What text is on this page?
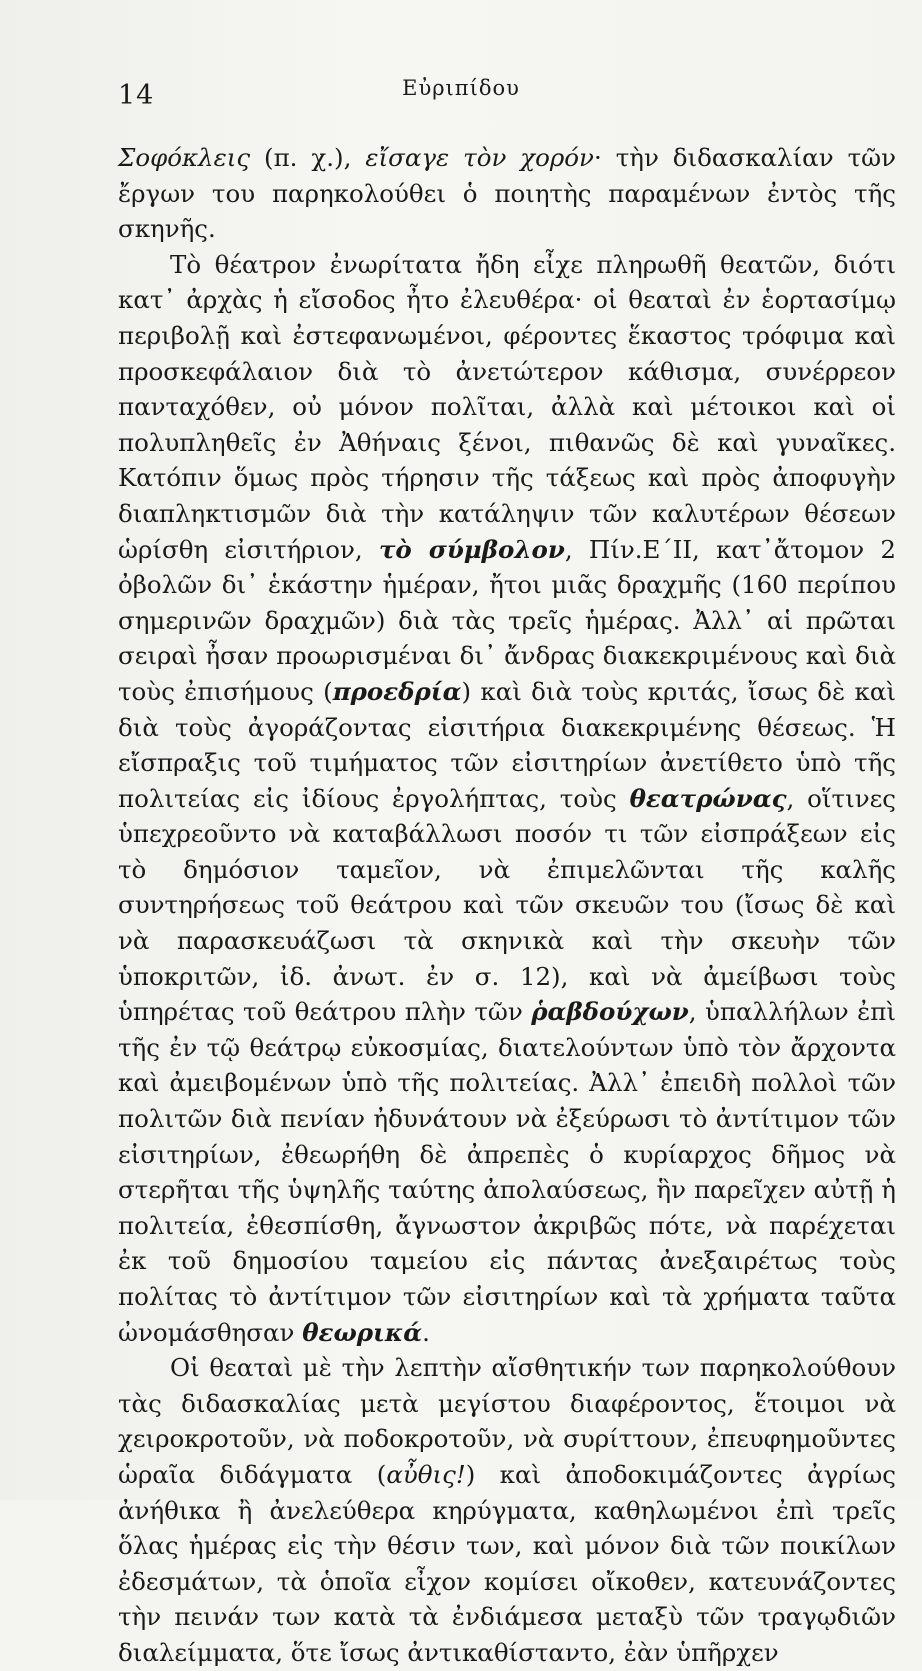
14	Εὐριπίδου

Σοφόκλεις (π. χ.), εἴσαγε τὸν χορόν· τὴν διδασκαλίαν τῶν ἔργων του παρηκολούθει ὁ ποιητὴς παραμένων ἐντὸς τῆς σκηνῆς.

Τὸ θέατρον ἐνωρίτατα ἤδη εἶχε πληρωθῆ θεατῶν, διότι κατ᾿ ἀρχὰς ἡ εἴσοδος ἦτο ἐλευθέρα· οἱ θεαταὶ ἐν ἑορτασίμῳ περιβολῇ καὶ ἐστεφανωμένοι, φέροντες ἕκαστος τρόφιμα καὶ προσκεφάλαιον διὰ τὸ ἀνετώτερον κάθισμα, συνέρρεον πανταχόθεν, οὐ μόνον πολῖται, ἀλλὰ καὶ μέτοικοι καὶ οἱ πολυπληθεῖς ἐν Ἀθήναις ξένοι, πιθανῶς δὲ καὶ γυναῖκες. Κατόπιν ὅμως πρὸς τήρησιν τῆς τάξεως καὶ πρὸς ἀποφυγὴν διαπληκτισμῶν διὰ τὴν κατάληψιν τῶν καλυτέρων θέσεων ὡρίσθη εἰσιτήριον, τὸ σύμβολον, Πίν.Ε΄ΙΙ, κατ᾿ἄτομον 2 ὀβολῶν δι᾿ ἑκάστην ἡμέραν, ἤτοι μιᾶς δραχμῆς (160 περίπου σημερινῶν δραχμῶν) διὰ τὰς τρεῖς ἡμέρας. Ἀλλ᾿ αἱ πρῶται σειραὶ ἦσαν προωρισμέναι δι᾿ ἄνδρας διακεκριμένους καὶ διὰ τοὺς ἐπισήμους (προεδρία) καὶ διὰ τοὺς κριτάς, ἴσως δὲ καὶ διὰ τοὺς ἀγοράζοντας εἰσιτήρια διακεκριμένης θέσεως. Ἡ εἴσπραξις τοῦ τιμήματος τῶν εἰσιτηρίων ἀνετίθετο ὑπὸ τῆς πολιτείας εἰς ἰδίους ἐργολήπτας, τοὺς θεατρώνας, οἵτινες ὑπεχρεοῦντο νὰ καταβάλλωσι ποσόν τι τῶν εἰσπράξεων εἰς τὸ δημόσιον ταμεῖον, νὰ ἐπιμελῶνται τῆς καλῆς συντηρήσεως τοῦ θεάτρου καὶ τῶν σκευῶν του (ἴσως δὲ καὶ νὰ παρασκευάζωσι τὰ σκηνικὰ καὶ τὴν σκευὴν τῶν ὑποκριτῶν, ἰδ. ἀνωτ. ἐν σ. 12), καὶ νὰ ἀμείβωσι τοὺς ὑπηρέτας τοῦ θεάτρου πλὴν τῶν ῥαβδούχων, ὑπαλλήλων ἐπὶ τῆς ἐν τῷ θεάτρῳ εὐκοσμίας, διατελούντων ὑπὸ τὸν ἄρχοντα καὶ ἀμειβομένων ὑπὸ τῆς πολιτείας. Ἀλλ᾿ ἐπειδὴ πολλοὶ τῶν πολιτῶν διὰ πενίαν ἠδυνάτουν νὰ ἐξεύρωσι τὸ ἀντίτιμον τῶν εἰσιτηρίων, ἐθεωρήθη δὲ ἀπρεπὲς ὁ κυρίαρχος δῆμος νὰ στερῆται τῆς ὑψηλῆς ταύτης ἀπολαύσεως, ἣν παρεῖχεν αὐτῇ ἡ πολιτεία, ἐθεσπίσθη, ἄγνωστον ἀκριβῶς πότε, νὰ παρέχεται ἐκ τοῦ δημοσίου ταμείου εἰς πάντας ἀνεξαιρέτως τοὺς πολίτας τὸ ἀντίτιμον τῶν εἰσιτηρίων καὶ τὰ χρήματα ταῦτα ὠνομάσθησαν θεωρικά.

Οἱ θεαταὶ μὲ τὴν λεπτὴν αἴσθητικήν των παρηκολούθουν τὰς διδασκαλίας μετὰ μεγίστου διαφέροντος, ἕτοιμοι νὰ χειροκροτοῦν, νὰ ποδοκροτοῦν, νὰ συρίττουν, ἐπευφημοῦντες ὡραῖα διδάγματα (αὖθις!) καὶ ἀποδοκιμάζοντες ἀγρίως ἀνήθικα ἢ ἀνελεύθερα κηρύγματα, καθηλωμένοι ἐπὶ τρεῖς ὅλας ἡμέρας εἰς τὴν θέσιν των, καὶ μόνον διὰ τῶν ποικίλων ἐδεσμάτων, τὰ ὁποῖα εἶχον κομίσει οἴκοθεν, κατευνάζοντες τὴν πεινάν των κατὰ τὰ ἐνδιάμεσα μεταξὺ τῶν τραγῳδιῶν διαλείμματα, ὅτε ἴσως ἀντικαθίσταντο, ἐὰν ὑπῆρχεν
